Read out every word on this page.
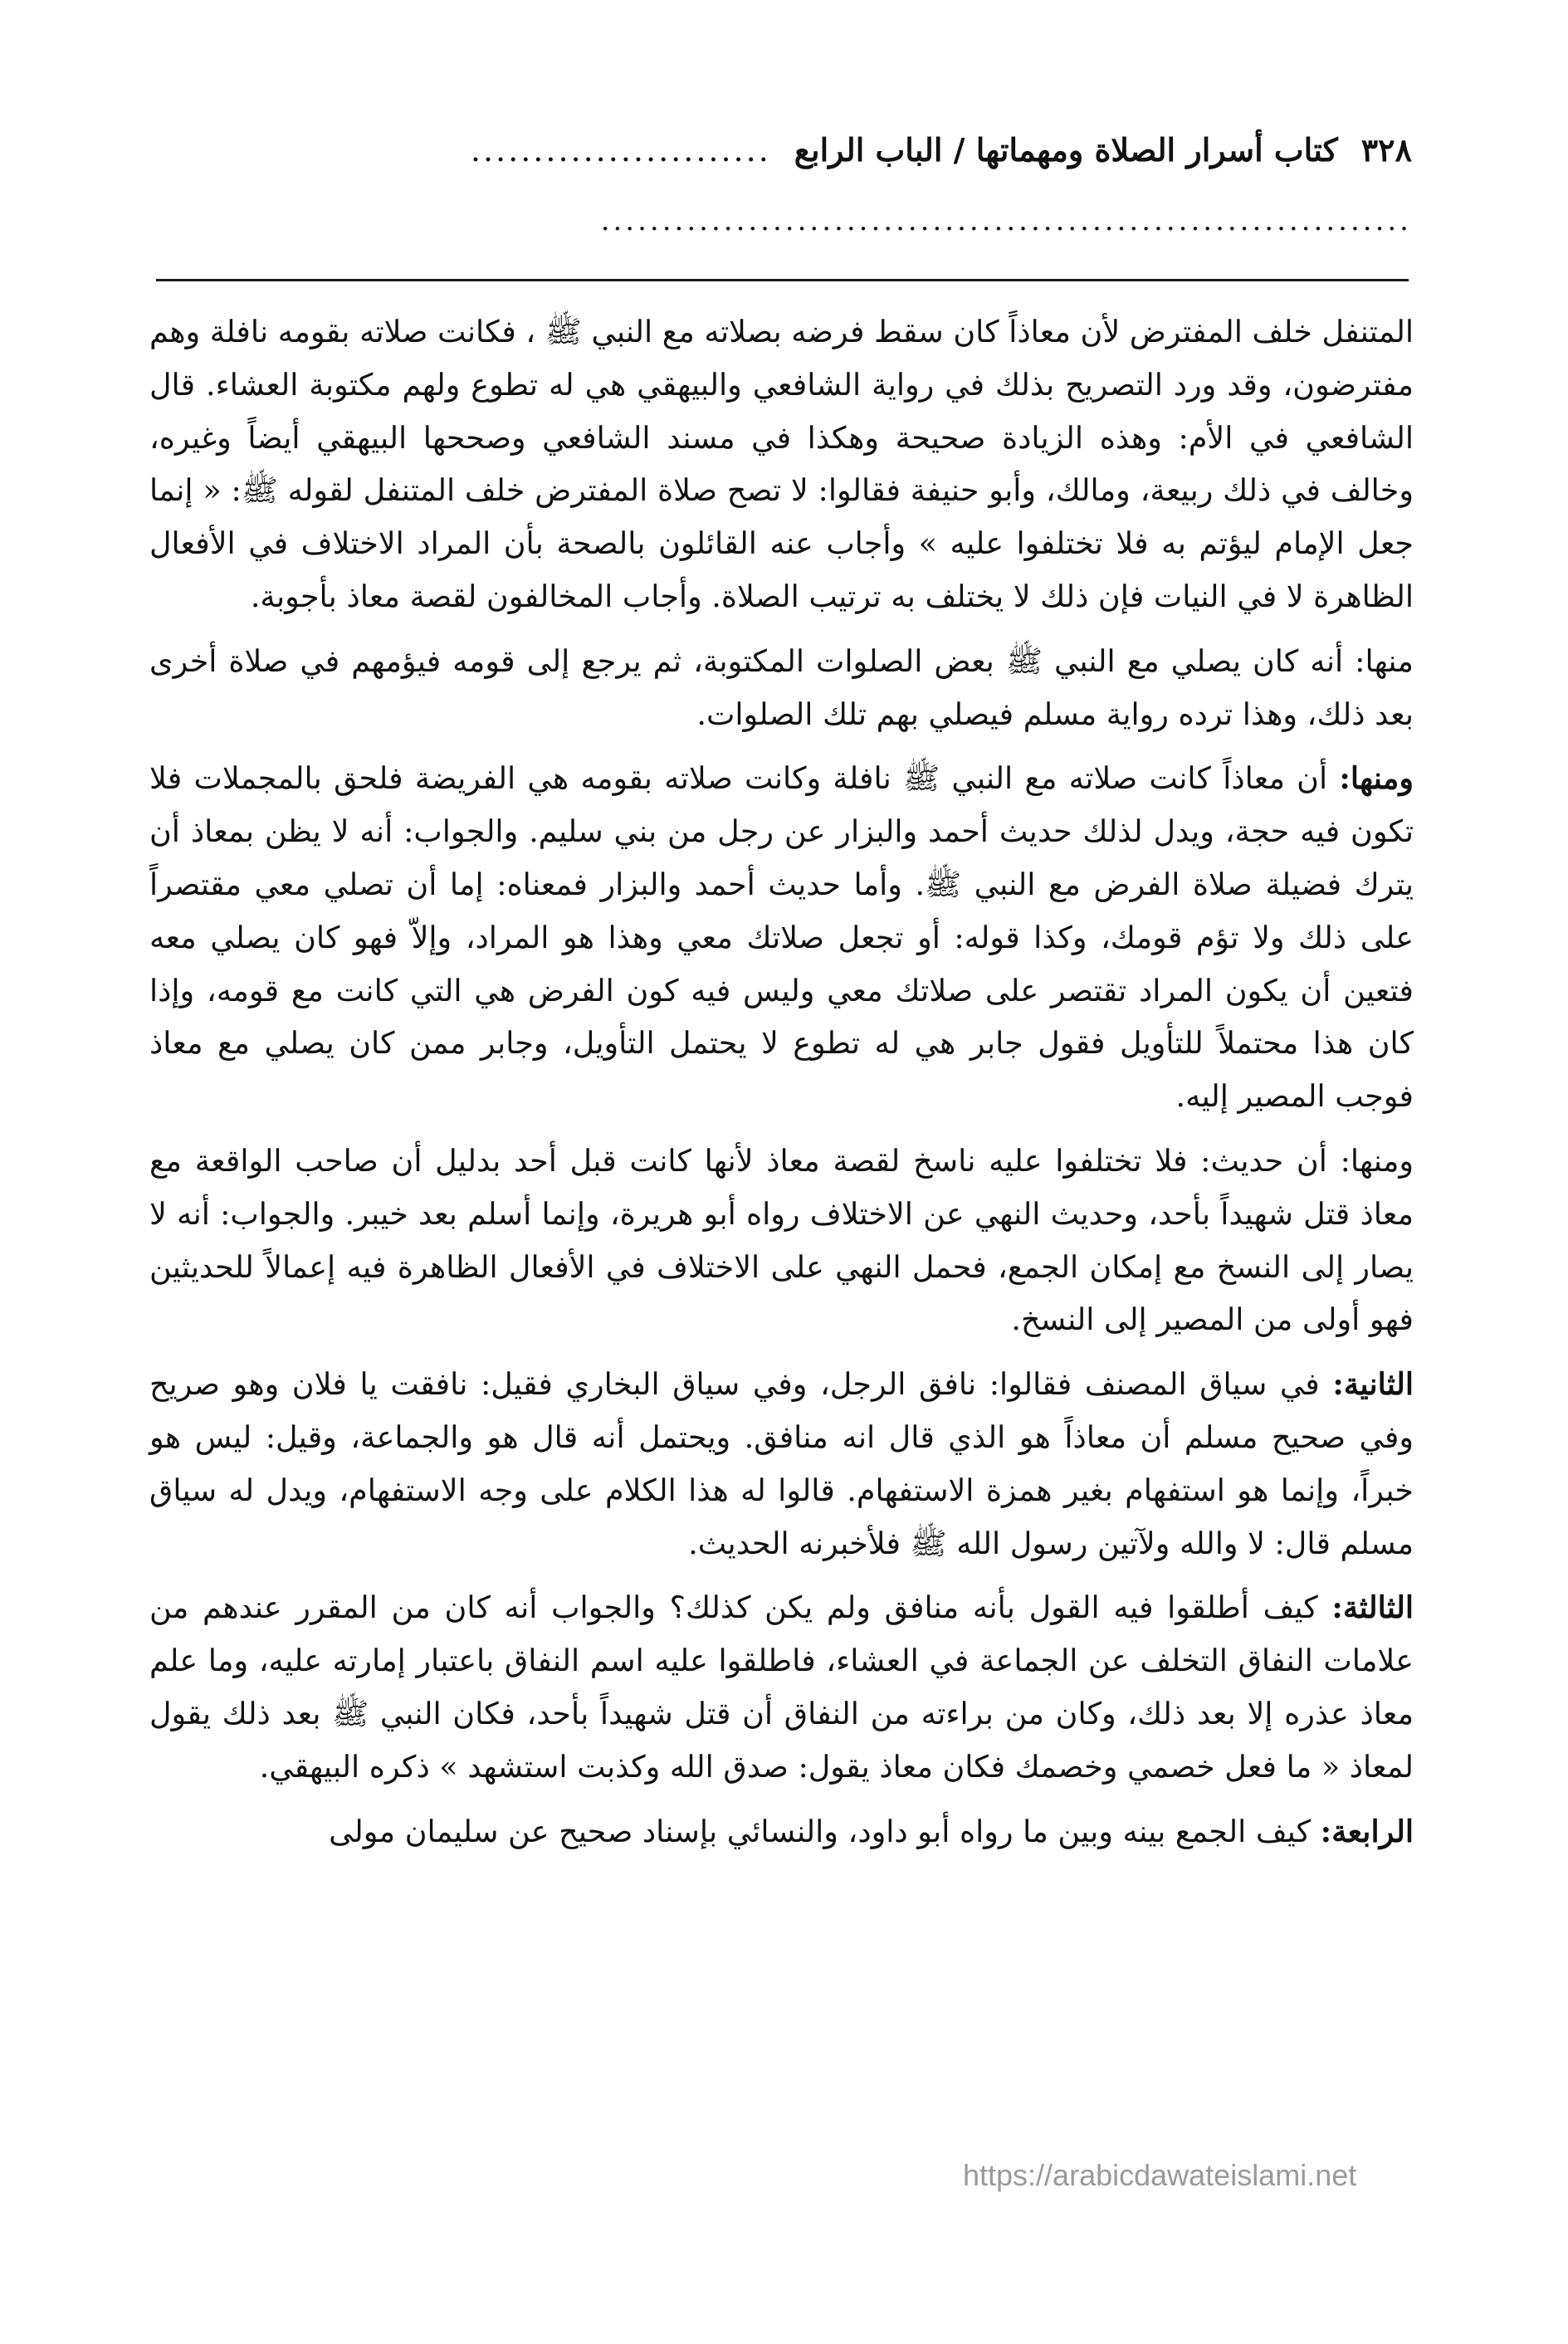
٣٢٨
كتاب أسرار الصلاة ومهماتها / الباب الرابع
........................
..................................................................

المتنفل خلف المفترض لأن معاذاً كان سقط فرضه بصلاته مع النبي ﷺ ، فكانت صلاته بقومه نافلة وهم مفترضون، وقد ورد التصريح بذلك في رواية الشافعي والبيهقي هي له تطوع ولهم مكتوبة العشاء. قال الشافعي في الأم: وهذه الزيادة صحيحة وهكذا في مسند الشافعي وصححها البيهقي أيضاً وغيره، وخالف في ذلك ربيعة، ومالك، وأبو حنيفة فقالوا: لا تصح صلاة المفترض خلف المتنفل لقوله ﷺ: « إنما جعل الإمام ليؤتم به فلا تختلفوا عليه » وأجاب عنه القائلون بالصحة بأن المراد الاختلاف في الأفعال الظاهرة لا في النيات فإن ذلك لا يختلف به ترتيب الصلاة. وأجاب المخالفون لقصة معاذ بأجوبة.

منها: أنه كان يصلي مع النبي ﷺ بعض الصلوات المكتوبة، ثم يرجع إلى قومه فيؤمهم في صلاة أخرى بعد ذلك، وهذا ترده رواية مسلم فيصلي بهم تلك الصلوات.

ومنها: أن معاذاً كانت صلاته مع النبي ﷺ نافلة وكانت صلاته بقومه هي الفريضة فلحق بالمجملات فلا تكون فيه حجة، ويدل لذلك حديث أحمد والبزار عن رجل من بني سليم. والجواب: أنه لا يظن بمعاذ أن يترك فضيلة صلاة الفرض مع النبي ﷺ. وأما حديث أحمد والبزار فمعناه: إما أن تصلي معي مقتصراً على ذلك ولا تؤم قومك، وكذا قوله: أو تجعل صلاتك معي وهذا هو المراد، وإلاّ فهو كان يصلي معه فتعين أن يكون المراد تقتصر على صلاتك معي وليس فيه كون الفرض هي التي كانت مع قومه، وإذا كان هذا محتملاً للتأويل فقول جابر هي له تطوع لا يحتمل التأويل، وجابر ممن كان يصلي مع معاذ فوجب المصير إليه.

ومنها: أن حديث: فلا تختلفوا عليه ناسخ لقصة معاذ لأنها كانت قبل أحد بدليل أن صاحب الواقعة مع معاذ قتل شهيداً بأحد، وحديث النهي عن الاختلاف رواه أبو هريرة، وإنما أسلم بعد خيبر. والجواب: أنه لا يصار إلى النسخ مع إمكان الجمع، فحمل النهي على الاختلاف في الأفعال الظاهرة فيه إعمالاً للحديثين فهو أولى من المصير إلى النسخ.

الثانية: في سياق المصنف فقالوا: نافق الرجل، وفي سياق البخاري فقيل: نافقت يا فلان وهو صريح وفي صحيح مسلم أن معاذاً هو الذي قال انه منافق. ويحتمل أنه قال هو والجماعة، وقيل: ليس هو خبراً، وإنما هو استفهام بغير همزة الاستفهام. قالوا له هذا الكلام على وجه الاستفهام، ويدل له سياق مسلم قال: لا والله ولآتين رسول الله ﷺ فلأخبرنه الحديث.

الثالثة: كيف أطلقوا فيه القول بأنه منافق ولم يكن كذلك؟ والجواب أنه كان من المقرر عندهم من علامات النفاق التخلف عن الجماعة في العشاء، فاطلقوا عليه اسم النفاق باعتبار إمارته عليه، وما علم معاذ عذره إلا بعد ذلك، وكان من براءته من النفاق أن قتل شهيداً بأحد، فكان النبي ﷺ بعد ذلك يقول لمعاذ « ما فعل خصمي وخصمك فكان معاذ يقول: صدق الله وكذبت استشهد » ذكره البيهقي.

الرابعة: كيف الجمع بينه وبين ما رواه أبو داود، والنسائي بإسناد صحيح عن سليمان مولى

https://arabicdawateislami.net
